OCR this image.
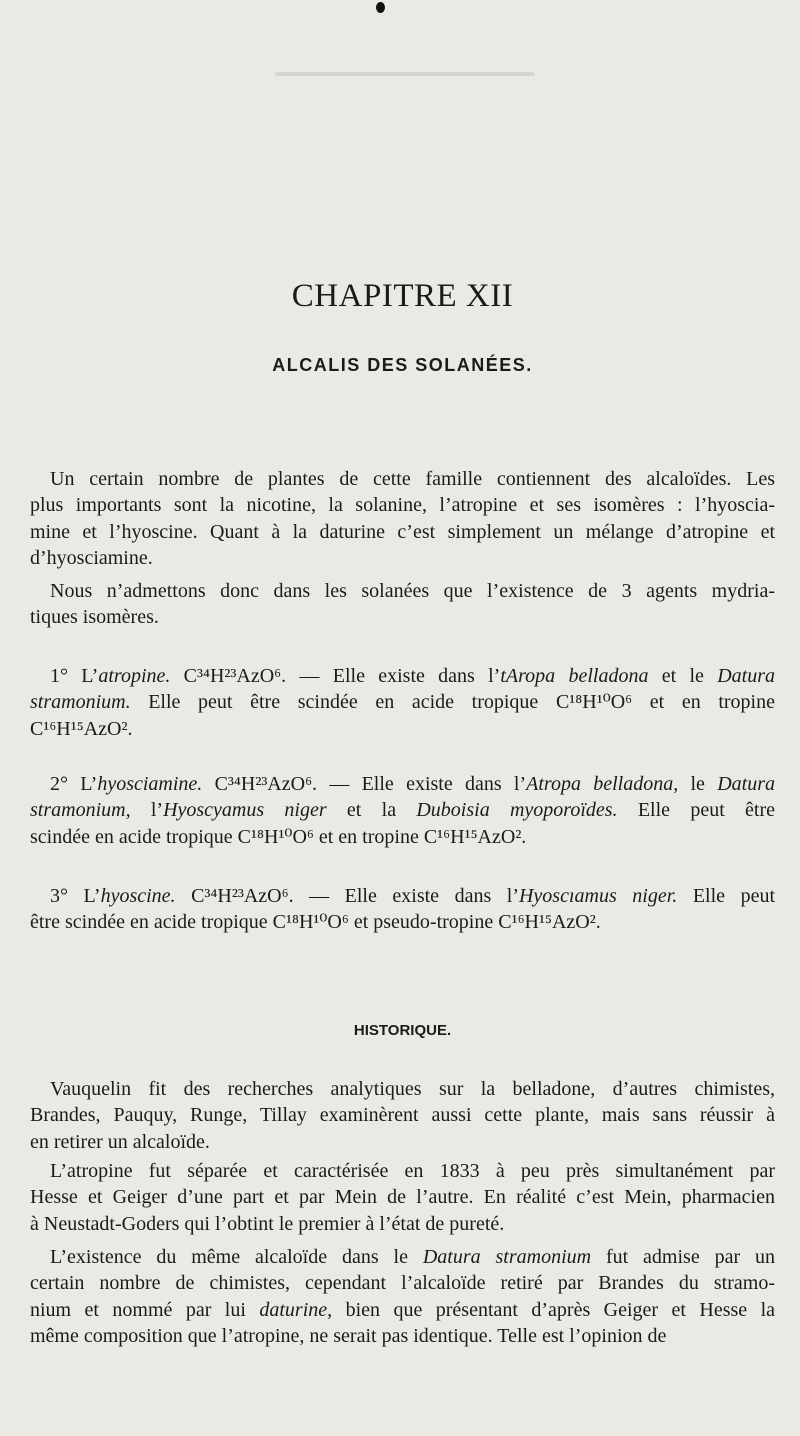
CHAPITRE XII
ALCALIS DES SOLANÉES.
Un certain nombre de plantes de cette famille contiennent des alcaloïdes. Les
plus importants sont la nicotine, la solanine, l’atropine et ses isomères : l’hyoscia-
mine et l’hyoscine. Quant à la daturine c’est simplement un mélange d’atropine et
d’hyosciamine.
Nous n’admettons donc dans les solanées que l’existence de 3 agents mydria-
tiques isomères.
1° L’atropine. C³⁴H²³AzO⁶. — Elle existe dans l’tAropa belladona et le Datura
stramonium. Elle peut être scindée en acide tropique C¹⁸H¹⁰O⁶ et en tropine
C¹⁶H¹⁵AzO².
2° L’hyosciamine. C³⁴H²³AzO⁶. — Elle existe dans l’Atropa belladona, le Datura
stramonium, l’Hyoscyamus niger et la Duboisia myoporoïdes. Elle peut être
scindée en acide tropique C¹⁸H¹⁰O⁶ et en tropine C¹⁶H¹⁵AzO².
3° L’hyoscine. C³⁴H²³AzO⁶. — Elle existe dans l’Hyoscıamus niger. Elle peut
être scindée en acide tropique C¹⁸H¹⁰O⁶ et pseudo-tropine C¹⁶H¹⁵AzO².
HISTORIQUE.
Vauquelin fit des recherches analytiques sur la belladone, d’autres chimistes,
Brandes, Pauquy, Runge, Tillay examinèrent aussi cette plante, mais sans réussir à
en retirer un alcaloïde.
L’atropine fut séparée et caractérisée en 1833 à peu près simultanément par
Hesse et Geiger d’une part et par Mein de l’autre. En réalité c’est Mein, pharmacien
à Neustadt-Goders qui l’obtint le premier à l’état de pureté.
L’existence du même alcaloïde dans le Datura stramonium fut admise par un
certain nombre de chimistes, cependant l’alcaloïde retiré par Brandes du stramo-
nium et nommé par lui daturine, bien que présentant d’après Geiger et Hesse la
même composition que l’atropine, ne serait pas identique. Telle est l’opinion de
